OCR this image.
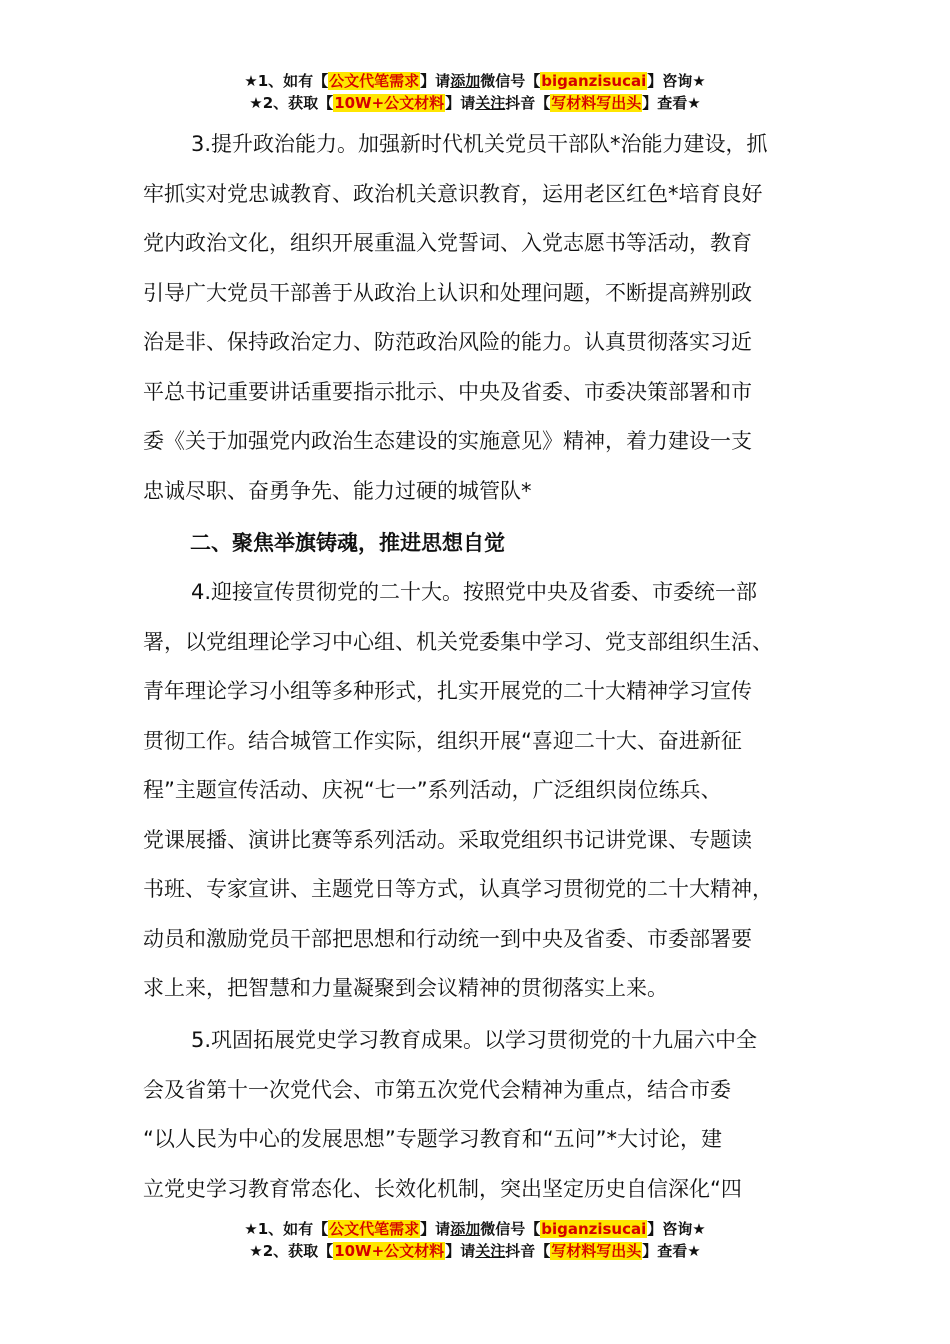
★1、如有【公文代笔需求】请添加微信号【biganzisucai】咨询★
★2、获取【10W+公文材料】请关注抖音【写材料写出头】查看★
3.提升政治能力。加强新时代机关党员干部队*治能力建设，抓
牢抓实对党忠诚教育、政治机关意识教育，运用老区红色*培育良好
党内政治文化，组织开展重温入党誓词、入党志愿书等活动，教育
引导广大党员干部善于从政治上认识和处理问题，不断提高辨别政
治是非、保持政治定力、防范政治风险的能力。认真贯彻落实习近
平总书记重要讲话重要指示批示、中央及省委、市委决策部署和市
委《关于加强党内政治生态建设的实施意见》精神，着力建设一支
忠诚尽职、奋勇争先、能力过硬的城管队*
二、聚焦举旗铸魂，推进思想自觉
4.迎接宣传贯彻党的二十大。按照党中央及省委、市委统一部
署，以党组理论学习中心组、机关党委集中学习、党支部组织生活、
青年理论学习小组等多种形式，扎实开展党的二十大精神学习宣传
贯彻工作。结合城管工作实际，组织开展“喜迎二十大、奋进新征
程”主题宣传活动、庆祝“七一”系列活动，广泛组织岗位练兵、
党课展播、演讲比赛等系列活动。采取党组织书记讲党课、专题读
书班、专家宣讲、主题党日等方式，认真学习贯彻党的二十大精神，
动员和激励党员干部把思想和行动统一到中央及省委、市委部署要
求上来，把智慧和力量凝聚到会议精神的贯彻落实上来。
5.巩固拓展党史学习教育成果。以学习贯彻党的十九届六中全
会及省第十一次党代会、市第五次党代会精神为重点，结合市委
“以人民为中心的发展思想”专题学习教育和“五问”*大讨论，建
立党史学习教育常态化、长效化机制，突出坚定历史自信深化“四
★1、如有【公文代笔需求】请添加微信号【biganzisucai】咨询★
★2、获取【10W+公文材料】请关注抖音【写材料写出头】查看★
